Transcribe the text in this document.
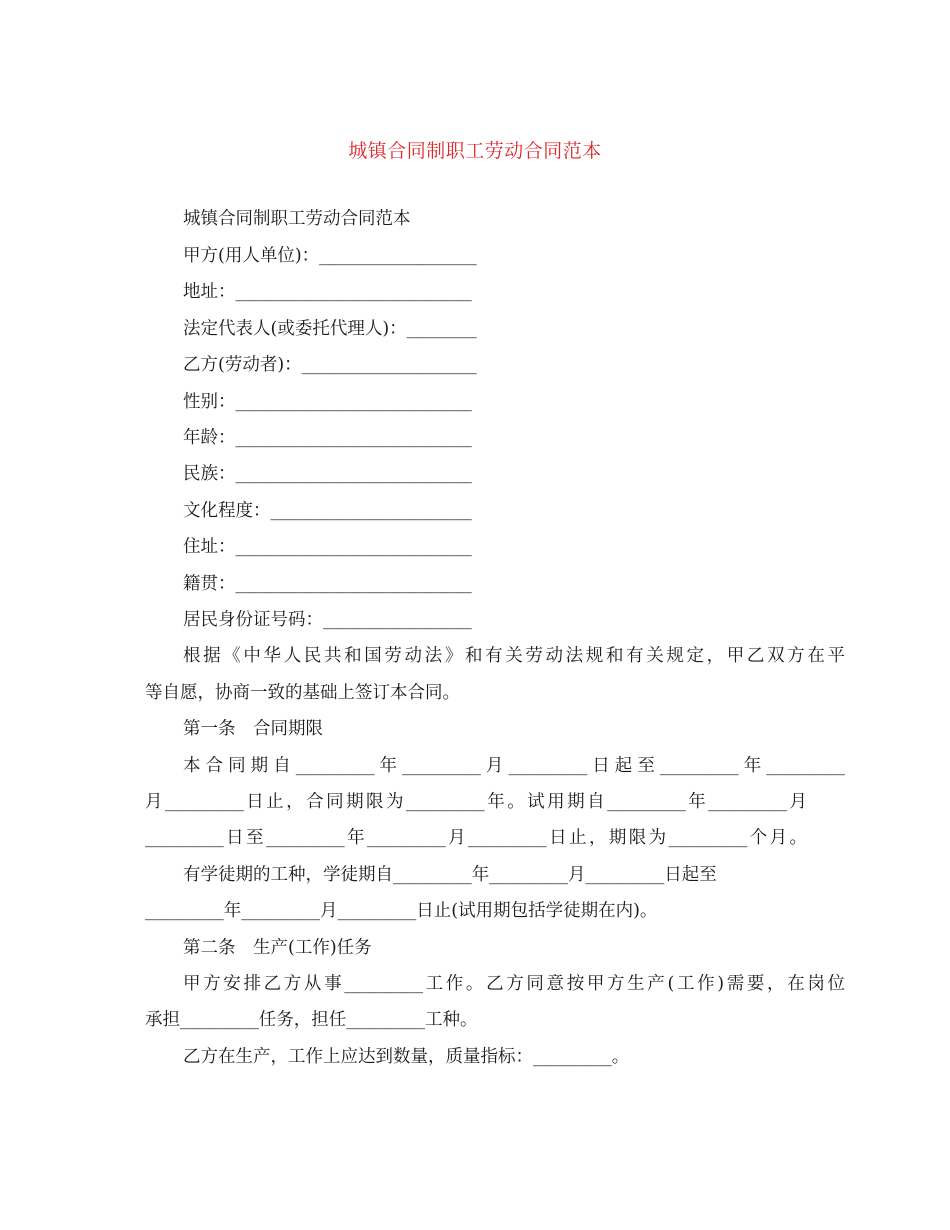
城镇合同制职工劳动合同范本
城镇合同制职工劳动合同范本
甲方(用人单位)：__________________
地址：___________________________
法定代表人(或委托代理人)：________
乙方(劳动者)：____________________
性别：___________________________
年龄：___________________________
民族：___________________________
文化程度：_______________________
住址：___________________________
籍贯：___________________________
居民身份证号码：_________________
根据《中华人民共和国劳动法》和有关劳动法规和有关规定，甲乙双方在平
等自愿，协商一致的基础上签订本合同。
第一条　合同期限
本合同期自_________年_________月_________日起至_________年_________
月_________日止，合同期限为_________年。试用期自_________年_________月
_________日至_________年_________月_________日止，期限为_________个月。
有学徒期的工种，学徒期自_________年_________月_________日起至
_________年_________月_________日止(试用期包括学徒期在内)。
第二条　生产(工作)任务
甲方安排乙方从事_________工作。乙方同意按甲方生产(工作)需要，在岗位
承担_________任务，担任_________工种。
乙方在生产，工作上应达到数量，质量指标：_________。
